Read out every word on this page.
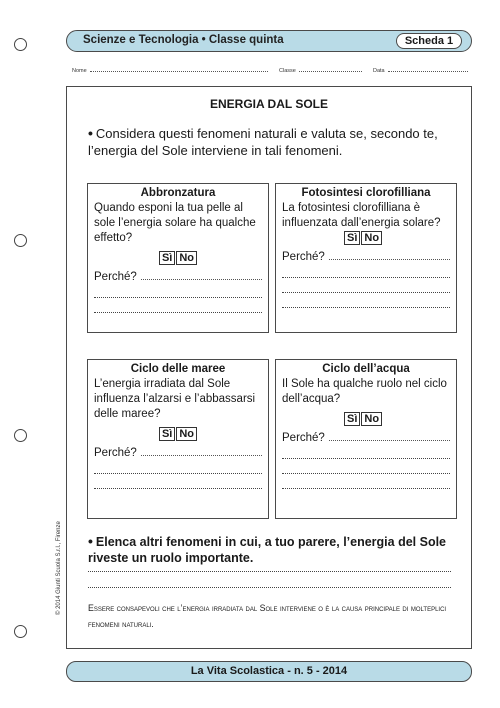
Scienze e Tecnologia • Classe quinta	Scheda 1
Nome	Classe	Data
ENERGIA DAL SOLE
• Considera questi fenomeni naturali e valuta se, secondo te, l’energia del Sole interviene in tali fenomeni.
Abbronzatura
Quando esponi la tua pelle al sole l’energia solare ha qualche effetto?
Sì No
Perché?
Fotosintesi clorofilliana
La fotosintesi clorofilliana è influenzata dall’energia solare?
Sì No
Perché?
Ciclo delle maree
L’energia irradiata dal Sole influenza l’alzarsi e l’abbassarsi delle maree?
Sì No
Perché?
Ciclo dell’acqua
Il Sole ha qualche ruolo nel ciclo dell’acqua?
Sì No
Perché?
• Elenca altri fenomeni in cui, a tuo parere, l’energia del Sole riveste un ruolo importante.
Essere consapevoli che l’energia irradiata dal Sole interviene o è la causa principale di molteplici fenomeni naturali.
© 2014 Giunti Scuola S.r.l., Firenze
La Vita Scolastica - n. 5 - 2014
